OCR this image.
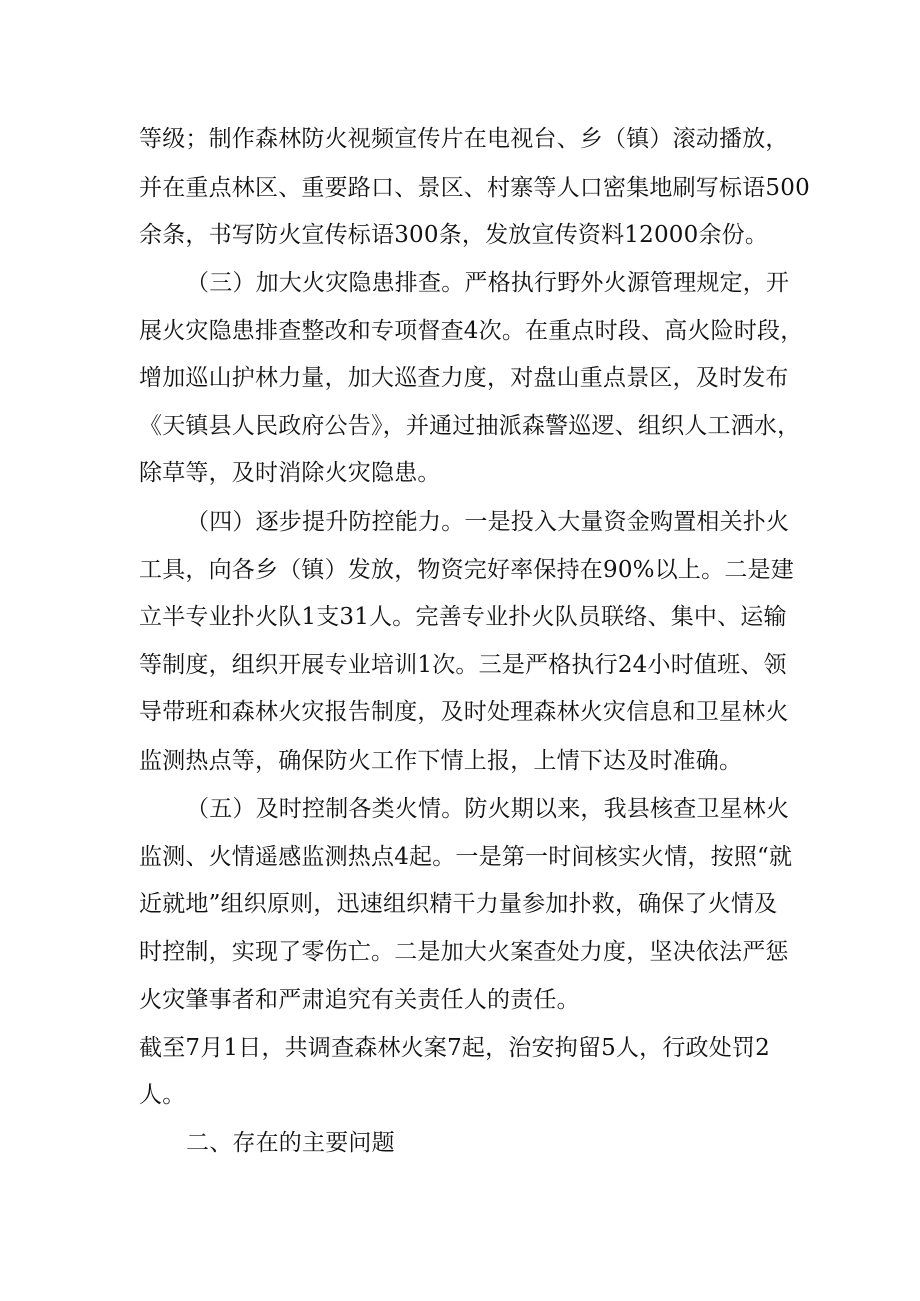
等级；制作森林防火视频宣传片在电视台、乡（镇）滚动播放，
并在重点林区、重要路口、景区、村寨等人口密集地刷写标语500
余条，书写防火宣传标语300条，发放宣传资料12000余份。
（三）加大火灾隐患排查。严格执行野外火源管理规定，开
展火灾隐患排查整改和专项督查4次。在重点时段、高火险时段，
增加巡山护林力量，加大巡查力度，对盘山重点景区，及时发布
《天镇县人民政府公告》，并通过抽派森警巡逻、组织人工洒水，
除草等，及时消除火灾隐患。
（四）逐步提升防控能力。一是投入大量资金购置相关扑火
工具，向各乡（镇）发放，物资完好率保持在90%以上。二是建
立半专业扑火队1支31人。完善专业扑火队员联络、集中、运输
等制度，组织开展专业培训1次。三是严格执行24小时值班、领
导带班和森林火灾报告制度，及时处理森林火灾信息和卫星林火
监测热点等，确保防火工作下情上报，上情下达及时准确。
（五）及时控制各类火情。防火期以来，我县核查卫星林火
监测、火情遥感监测热点4起。一是第一时间核实火情，按照“就
近就地”组织原则，迅速组织精干力量参加扑救，确保了火情及
时控制，实现了零伤亡。二是加大火案查处力度，坚决依法严惩
火灾肇事者和严肃追究有关责任人的责任。
截至7月1日，共调查森林火案7起，治安拘留5人，行政处罚2
人。
二、存在的主要问题
